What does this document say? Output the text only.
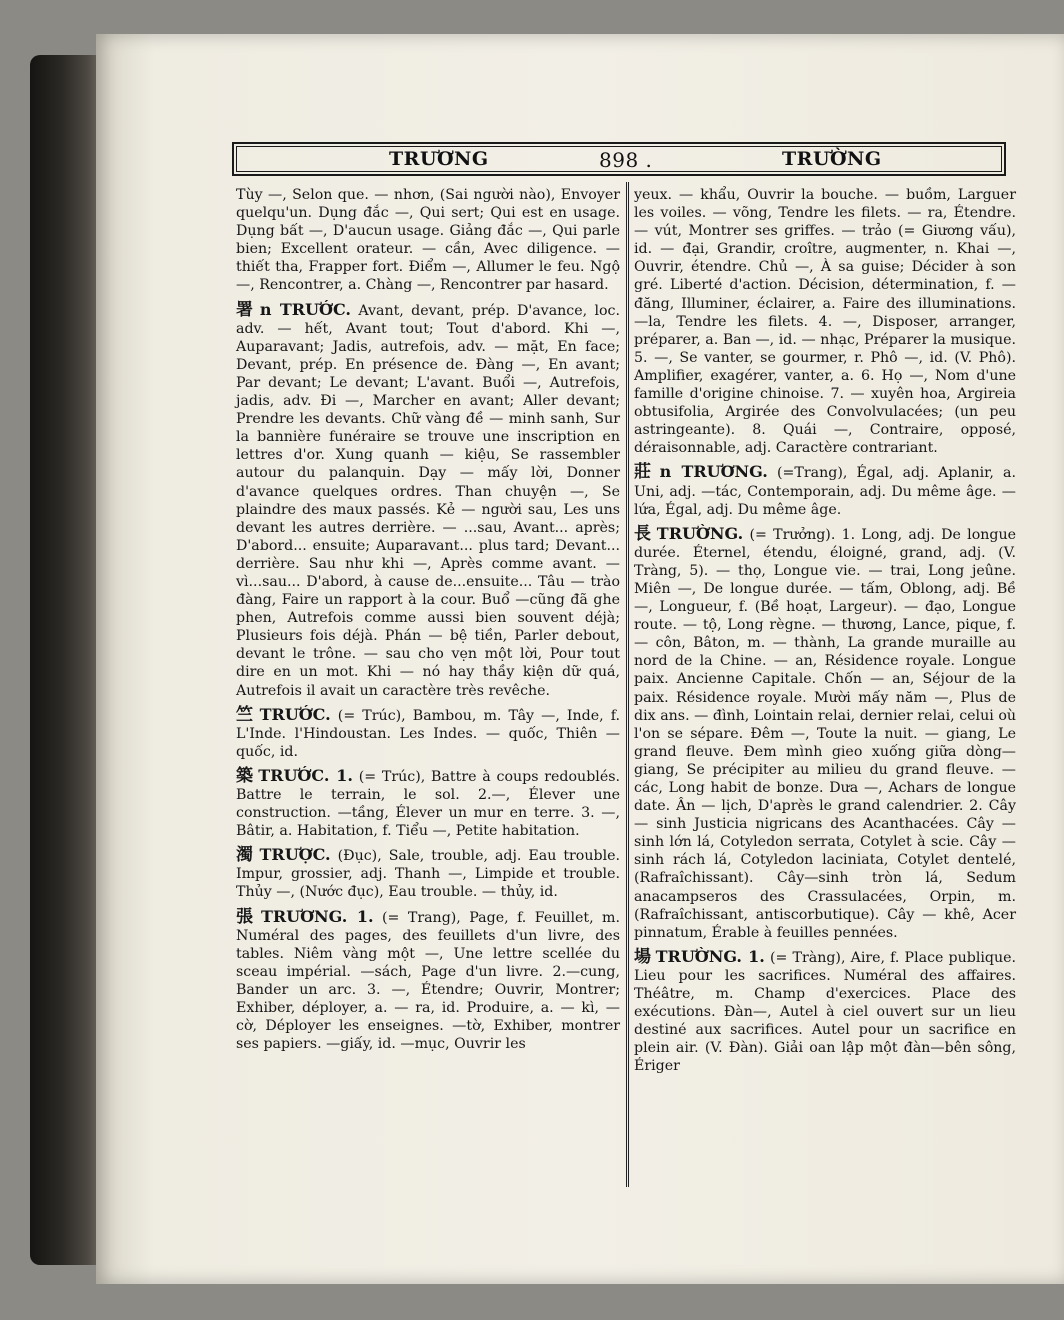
TRƯƠNG	898 .	TRƯỜNG

Tùy —, Selon que. — nhơn, (Sai người nào), Envoyer quelqu'un. Dụng đắc —, Qui sert; Qui est en usage. Dụng bất —, D'aucun usage. Giảng đắc —, Qui parle bien; Excellent orateur. — cần, Avec diligence. — thiết tha, Frapper fort. Điểm —, Allumer le feu. Ngộ —, Rencontrer, a. Chàng —, Rencontrer par hasard.

署 n TRƯỚC. Avant, devant, prép. D'avance, loc. adv. — hết, Avant tout; Tout d'abord. Khi —, Auparavant; Jadis, autrefois, adv. — mặt, En face; Devant, prép. En présence de. Đàng —, En avant; Par devant; Le devant; L'avant. Buổi —, Autrefois, jadis, adv. Đi —, Marcher en avant; Aller devant; Prendre les devants. Chữ vàng đề — minh sanh, Sur la bannière funéraire se trouve une inscription en lettres d'or. Xung quanh — kiệu, Se rassembler autour du palanquin. Dạy — mấy lời, Donner d'avance quelques ordres. Than chuyện —, Se plaindre des maux passés. Kẻ — người sau, Les uns devant les autres derrière. — ...sau, Avant... après; D'abord... ensuite; Auparavant... plus tard; Devant... derrière. Sau như khi —, Après comme avant. — vì...sau... D'abord, à cause de...ensuite... Tâu — trào đàng, Faire un rapport à la cour. Buổ —cũng đã ghe phen, Autrefois comme aussi bien souvent déjà; Plusieurs fois déjà. Phán — bệ tiền, Parler debout, devant le trône. — sau cho vẹn một lời, Pour tout dire en un mot. Khi — nó hay thầy kiện dữ quá, Autrefois il avait un caractère très revêche.

竺 TRƯỚC. (= Trúc), Bambou, m. Tây —, Inde, f. L'Inde. l'Hindoustan. Les Indes. — quốc, Thiên — quốc, id.

築 TRƯỚC. 1. (= Trúc), Battre à coups redoublés. Battre le terrain, le sol. 2.—, Élever une construction. —tầng, Élever un mur en terre. 3. —, Bâtir, a. Habitation, f. Tiểu —, Petite habitation.

濁 TRƯỢC. (Đục), Sale, trouble, adj. Eau trouble. Impur, grossier, adj. Thanh —, Limpide et trouble. Thủy —, (Nước đục), Eau trouble. — thủy, id.

張 TRƯƠNG. 1. (= Trang), Page, f. Feuillet, m. Numéral des pages, des feuillets d'un livre, des tables. Niêm vàng một —, Une lettre scellée du sceau impérial. —sách, Page d'un livre. 2.—cung, Bander un arc. 3. —, Étendre; Ouvrir, Montrer; Exhiber, déployer, a. — ra, id. Produire, a. — kì, — cờ, Déployer les enseignes. —tờ, Exhiber, montrer ses papiers. —giấy, id. —mục, Ouvrir les

yeux. — khẩu, Ouvrir la bouche. — buồm, Larguer les voiles. — võng, Tendre les filets. — ra, Étendre. — vút, Montrer ses griffes. — trảo (= Giương vấu), id. — đại, Grandir, croître, augmenter, n. Khai —, Ouvrir, étendre. Chủ —, À sa guise; Décider à son gré. Liberté d'action. Décision, détermination, f. — đăng, Illuminer, éclairer, a. Faire des illuminations. —la, Tendre les filets. 4. —, Disposer, arranger, préparer, a. Ban —, id. — nhạc, Préparer la musique. 5. —, Se vanter, se gourmer, r. Phô —, id. (V. Phô). Amplifier, exagérer, vanter, a. 6. Họ —, Nom d'une famille d'origine chinoise. 7. — xuyên hoa, Argireia obtusifolia, Argirée des Convolvulacées; (un peu astringeante). 8. Quái —, Contraire, opposé, déraisonnable, adj. Caractère contrariant.

莊 n TRƯƠNG. (=Trang), Égal, adj. Aplanir, a. Uni, adj. —tác, Contemporain, adj. Du même âge. —lứa, Égal, adj. Du même âge.

長 TRƯỜNG. (= Trưởng). 1. Long, adj. De longue durée. Éternel, étendu, éloigné, grand, adj. (V. Tràng, 5). — thọ, Longue vie. — trai, Long jeûne. Miên —, De longue durée. — tấm, Oblong, adj. Bề —, Longueur, f. (Bề hoạt, Largeur). — đạo, Longue route. — tộ, Long règne. — thương, Lance, pique, f. — côn, Bâton, m. — thành, La grande muraille au nord de la Chine. — an, Résidence royale. Longue paix. Ancienne Capitale. Chốn — an, Séjour de la paix. Résidence royale. Mười mấy năm —, Plus de dix ans. — đình, Lointain relai, dernier relai, celui où l'on se sépare. Đêm —, Toute la nuit. — giang, Le grand fleuve. Đem mình gieo xuống giữa dòng—giang, Se précipiter au milieu du grand fleuve. — các, Long habit de bonze. Dưa —, Achars de longue date. Ân — lịch, D'après le grand calendrier. 2. Cây — sinh Justicia nigricans des Acanthacées. Cây — sinh lớn lá, Cotyledon serrata, Cotylet à scie. Cây — sinh rách lá, Cotyledon laciniata, Cotylet dentelé, (Rafraîchissant). Cây—sinh tròn lá, Sedum anacampseros des Crassulacées, Orpin, m. (Rafraîchissant, antiscorbutique). Cây — khê, Acer pinnatum, Érable à feuilles pennées.

場 TRƯỜNG. 1. (= Tràng), Aire, f. Place publique. Lieu pour les sacrifices. Numéral des affaires. Théâtre, m. Champ d'exercices. Place des exécutions. Đàn—, Autel à ciel ouvert sur un lieu destiné aux sacrifices. Autel pour un sacrifice en plein air. (V. Đàn). Giải oan lập một đàn—bên sông, Ériger
